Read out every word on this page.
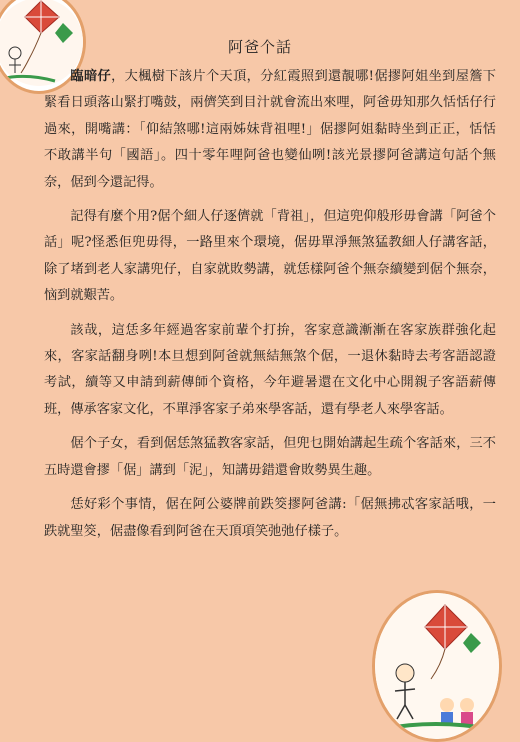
阿爸个話

臨暗仔，大楓樹下該片个天頂，分紅霞照到還靚哪!倨摎阿姐坐到屋簷下緊看日頭落山緊打嘴鼓，兩儕笑到目汁就會流出來哩，阿爸毋知那久恬恬仔行過來，開嘴講：「仰結煞哪!這兩姊妹背祖哩!」倨摎阿姐黏時坐到正正，恬恬不敢講半句「國語」。四十零年哩阿爸也變仙咧!該光景摎阿爸講這句話个無奈，倨到今還記得。

記得有麼个用?倨个細人仔逐儕就「背祖」，但這兜仰般形毋會講「阿爸个話」呢?怪悉佢兜毋得，一路里來个環境，倨毋單淨無煞猛教細人仔講客話，除了堵到老人家講兜仔，自家就敗勢講，就恁樣阿爸个無奈續變到倨个無奈，恼到就艱苦。

該哉，這恁多年經過客家前輩个打拚，客家意識漸漸在客家族群強化起來，客家話翻身咧!本旦想到阿爸就無結無煞个倨，一退休黏時去考客語認證考試，續等又申請到薪傳師个資格，今年避暑還在文化中心開親子客語薪傳班，傳承客家文化，不單淨客家子弟來學客話，還有學老人來學客話。

倨个子女，看到倨恁煞猛教客家話，但兜乜開始講起生疏个客話來，三不五時還會摎「倨」講到「泥」，知講毋錯還會敗勢異生趣。

恁好彩个事情，倨在阿公婆牌前跌筊摎阿爸講:「倨無拂忒客家話哦，一跌就聖筊，倨盡像看到阿爸在天頂項笑弛弛仔樣子。
